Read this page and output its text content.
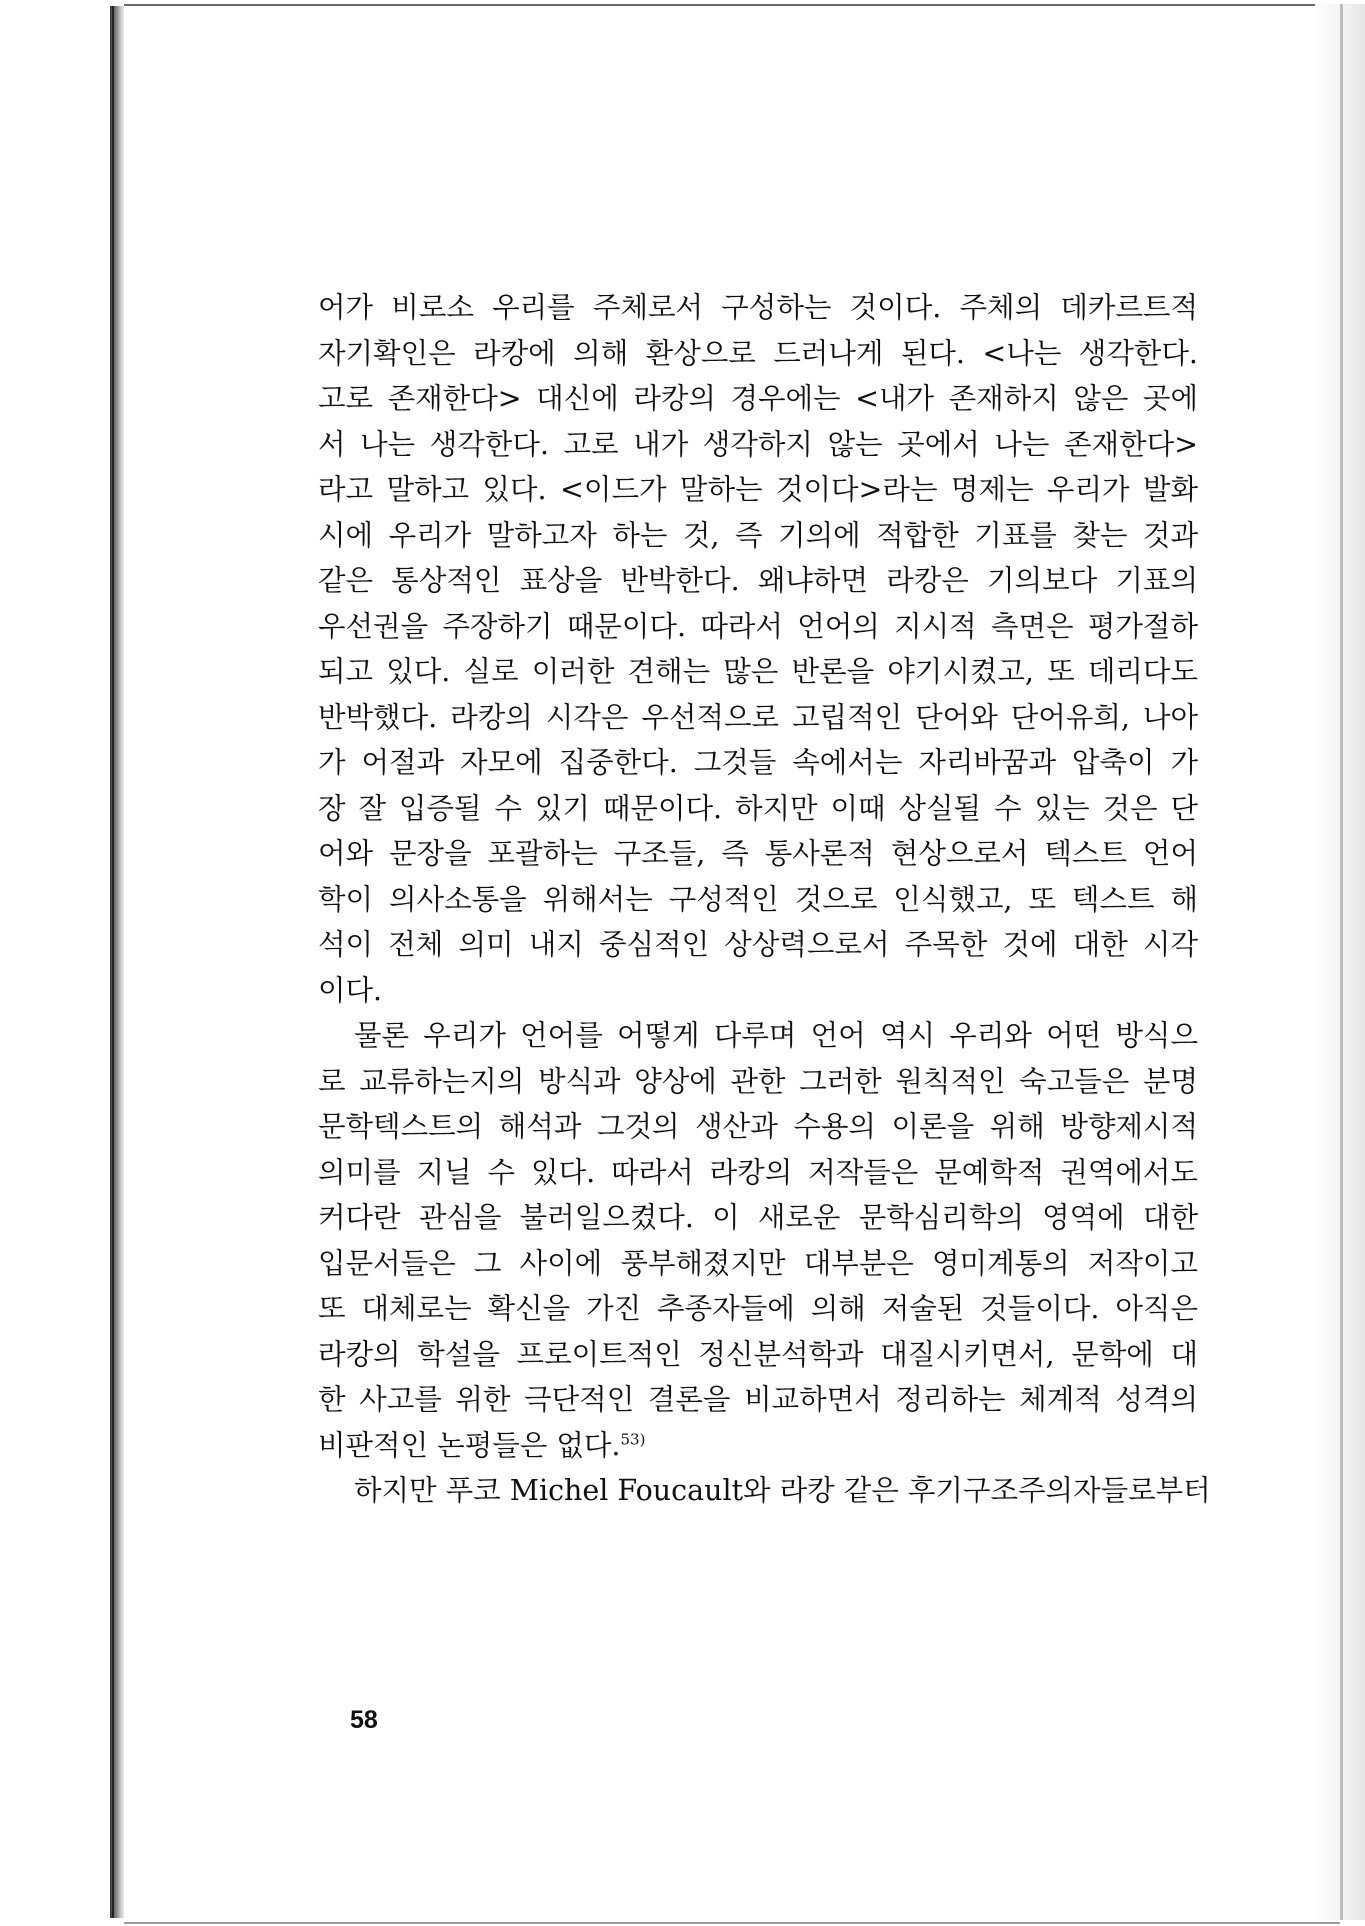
어가 비로소 우리를 주체로서 구성하는 것이다. 주체의 데카르트적
자기확인은 라캉에 의해 환상으로 드러나게 된다. <나는 생각한다.
고로 존재한다> 대신에 라캉의 경우에는 <내가 존재하지 않은 곳에
서 나는 생각한다. 고로 내가 생각하지 않는 곳에서 나는 존재한다>
라고 말하고 있다. <이드가 말하는 것이다>라는 명제는 우리가 발화
시에 우리가 말하고자 하는 것, 즉 기의에 적합한 기표를 찾는 것과
같은 통상적인 표상을 반박한다. 왜냐하면 라캉은 기의보다 기표의
우선권을 주장하기 때문이다. 따라서 언어의 지시적 측면은 평가절하
되고 있다. 실로 이러한 견해는 많은 반론을 야기시켰고, 또 데리다도
반박했다. 라캉의 시각은 우선적으로 고립적인 단어와 단어유희, 나아
가 어절과 자모에 집중한다. 그것들 속에서는 자리바꿈과 압축이 가
장 잘 입증될 수 있기 때문이다. 하지만 이때 상실될 수 있는 것은 단
어와 문장을 포괄하는 구조들, 즉 통사론적 현상으로서 텍스트 언어
학이 의사소통을 위해서는 구성적인 것으로 인식했고, 또 텍스트 해
석이 전체 의미 내지 중심적인 상상력으로서 주목한 것에 대한 시각
이다.
물론 우리가 언어를 어떻게 다루며 언어 역시 우리와 어떤 방식으
로 교류하는지의 방식과 양상에 관한 그러한 원칙적인 숙고들은 분명
문학텍스트의 해석과 그것의 생산과 수용의 이론을 위해 방향제시적
의미를 지닐 수 있다. 따라서 라캉의 저작들은 문예학적 권역에서도
커다란 관심을 불러일으켰다. 이 새로운 문학심리학의 영역에 대한
입문서들은 그 사이에 풍부해졌지만 대부분은 영미계통의 저작이고
또 대체로는 확신을 가진 추종자들에 의해 저술된 것들이다. 아직은
라캉의 학설을 프로이트적인 정신분석학과 대질시키면서, 문학에 대
한 사고를 위한 극단적인 결론을 비교하면서 정리하는 체계적 성격의
비판적인 논평들은 없다.$^{53)}$
하지만 푸코 Michel Foucault와 라캉 같은 후기구조주의자들로부터
58
